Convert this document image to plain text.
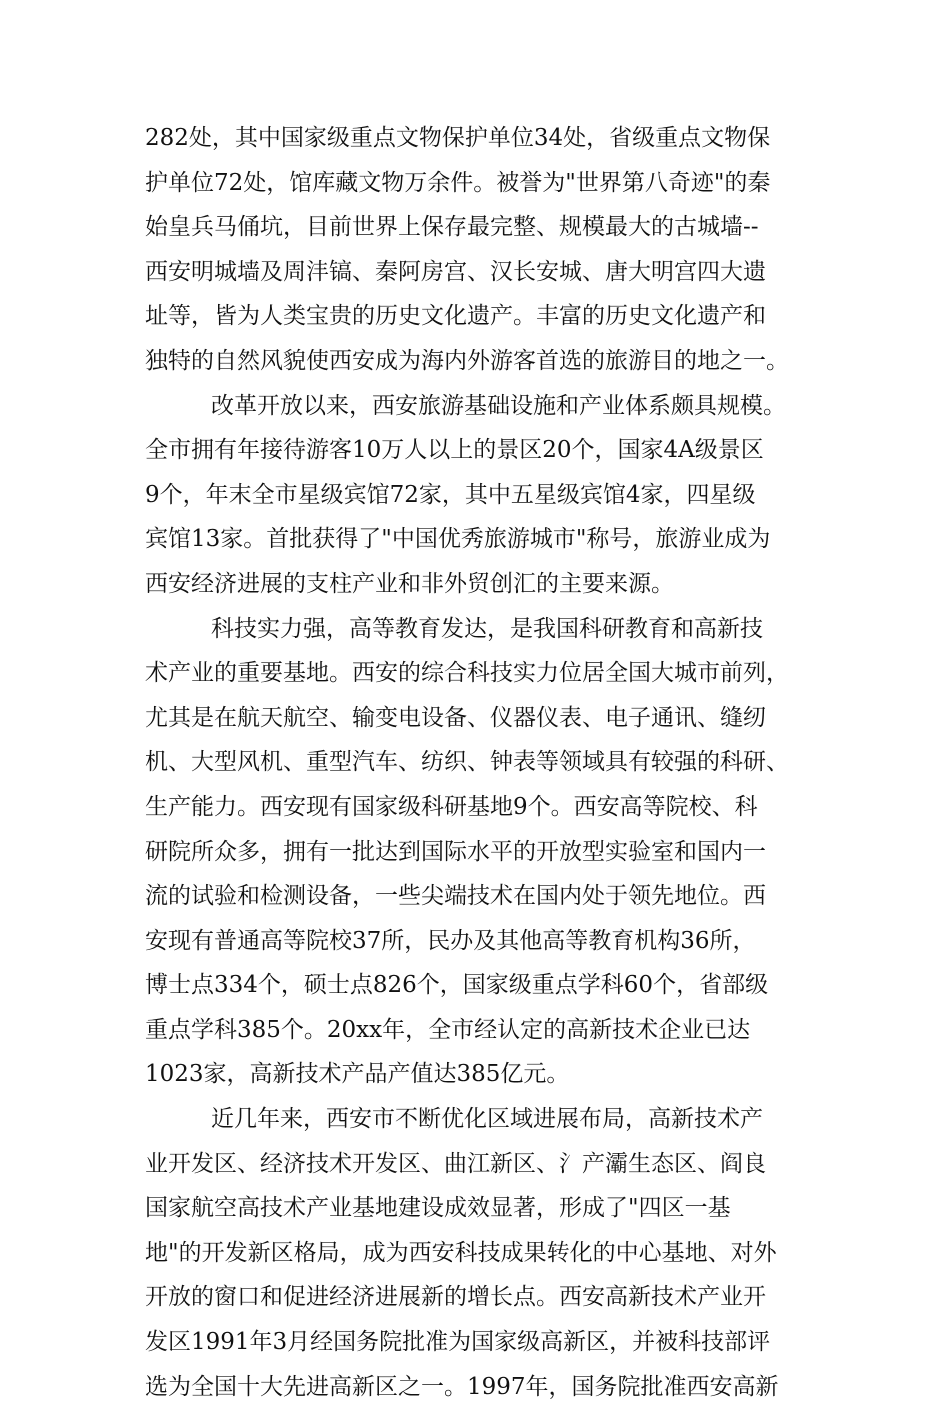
282处，其中国家级重点文物保护单位34处，省级重点文物保
护单位72处，馆库藏文物万余件。被誉为"世界第八奇迹"的秦
始皇兵马俑坑，目前世界上保存最完整、规模最大的古城墙--
西安明城墙及周沣镐、秦阿房宫、汉长安城、唐大明宫四大遗
址等，皆为人类宝贵的历史文化遗产。丰富的历史文化遗产和
独特的自然风貌使西安成为海内外游客首选的旅游目的地之一。
改革开放以来，西安旅游基础设施和产业体系颇具规模。
全市拥有年接待游客10万人以上的景区20个，国家4A级景区
9个，年末全市星级宾馆72家，其中五星级宾馆4家，四星级
宾馆13家。首批获得了"中国优秀旅游城市"称号，旅游业成为
西安经济进展的支柱产业和非外贸创汇的主要来源。
科技实力强，高等教育发达，是我国科研教育和高新技
术产业的重要基地。西安的综合科技实力位居全国大城市前列，
尤其是在航天航空、输变电设备、仪器仪表、电子通讯、缝纫
机、大型风机、重型汽车、纺织、钟表等领域具有较强的科研、
生产能力。西安现有国家级科研基地9个。西安高等院校、科
研院所众多，拥有一批达到国际水平的开放型实验室和国内一
流的试验和检测设备，一些尖端技术在国内处于领先地位。西
安现有普通高等院校37所，民办及其他高等教育机构36所，
博士点334个，硕士点826个，国家级重点学科60个，省部级
重点学科385个。20xx年，全市经认定的高新技术企业已达
1023家，高新技术产品产值达385亿元。
近几年来，西安市不断优化区域进展布局，高新技术产
业开发区、经济技术开发区、曲江新区、氵产灞生态区、阎良
国家航空高技术产业基地建设成效显著，形成了"四区一基
地"的开发新区格局，成为西安科技成果转化的中心基地、对外
开放的窗口和促进经济进展新的增长点。西安高新技术产业开
发区1991年3月经国务院批准为国家级高新区，并被科技部评
选为全国十大先进高新区之一。1997年，国务院批准西安高新
